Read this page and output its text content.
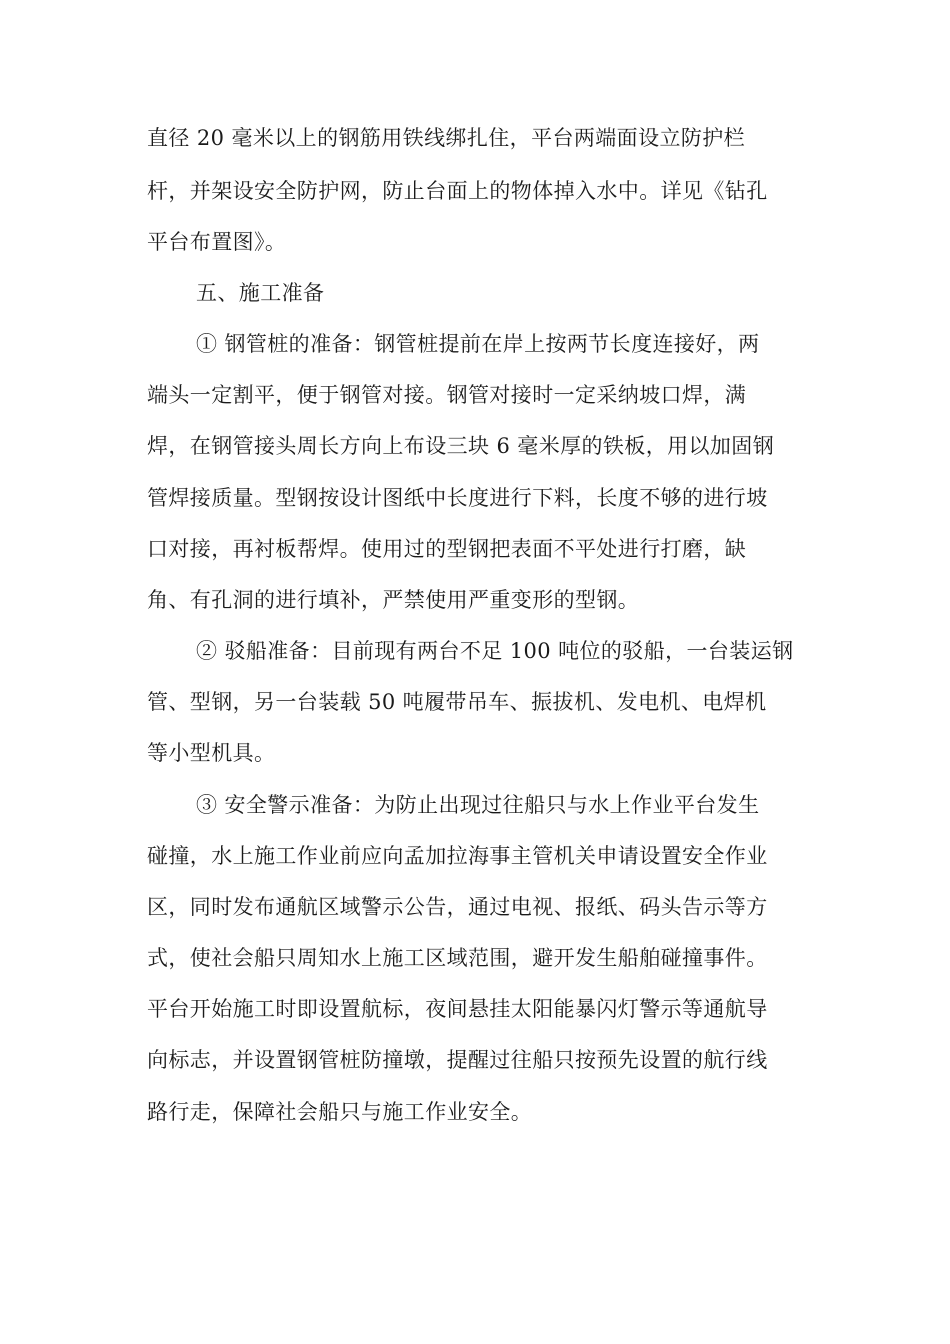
直径 20 毫米以上的钢筋用铁线绑扎住，平台两端面设立防护栏
杆，并架设安全防护网，防止台面上的物体掉入水中。详见《钻孔
平台布置图》。
五、施工准备
① 钢管桩的准备：钢管桩提前在岸上按两节长度连接好，两
端头一定割平，便于钢管对接。钢管对接时一定采纳坡口焊，满
焊，在钢管接头周长方向上布设三块 6 毫米厚的铁板，用以加固钢
管焊接质量。型钢按设计图纸中长度进行下料，长度不够的进行坡
口对接，再衬板帮焊。使用过的型钢把表面不平处进行打磨，缺
角、有孔洞的进行填补，严禁使用严重变形的型钢。
② 驳船准备：目前现有两台不足 100 吨位的驳船，一台装运钢
管、型钢，另一台装载 50 吨履带吊车、振拔机、发电机、电焊机
等小型机具。
③ 安全警示准备：为防止出现过往船只与水上作业平台发生
碰撞，水上施工作业前应向孟加拉海事主管机关申请设置安全作业
区，同时发布通航区域警示公告，通过电视、报纸、码头告示等方
式，使社会船只周知水上施工区域范围，避开发生船舶碰撞事件。
平台开始施工时即设置航标，夜间悬挂太阳能暴闪灯警示等通航导
向标志，并设置钢管桩防撞墩，提醒过往船只按预先设置的航行线
路行走，保障社会船只与施工作业安全。
